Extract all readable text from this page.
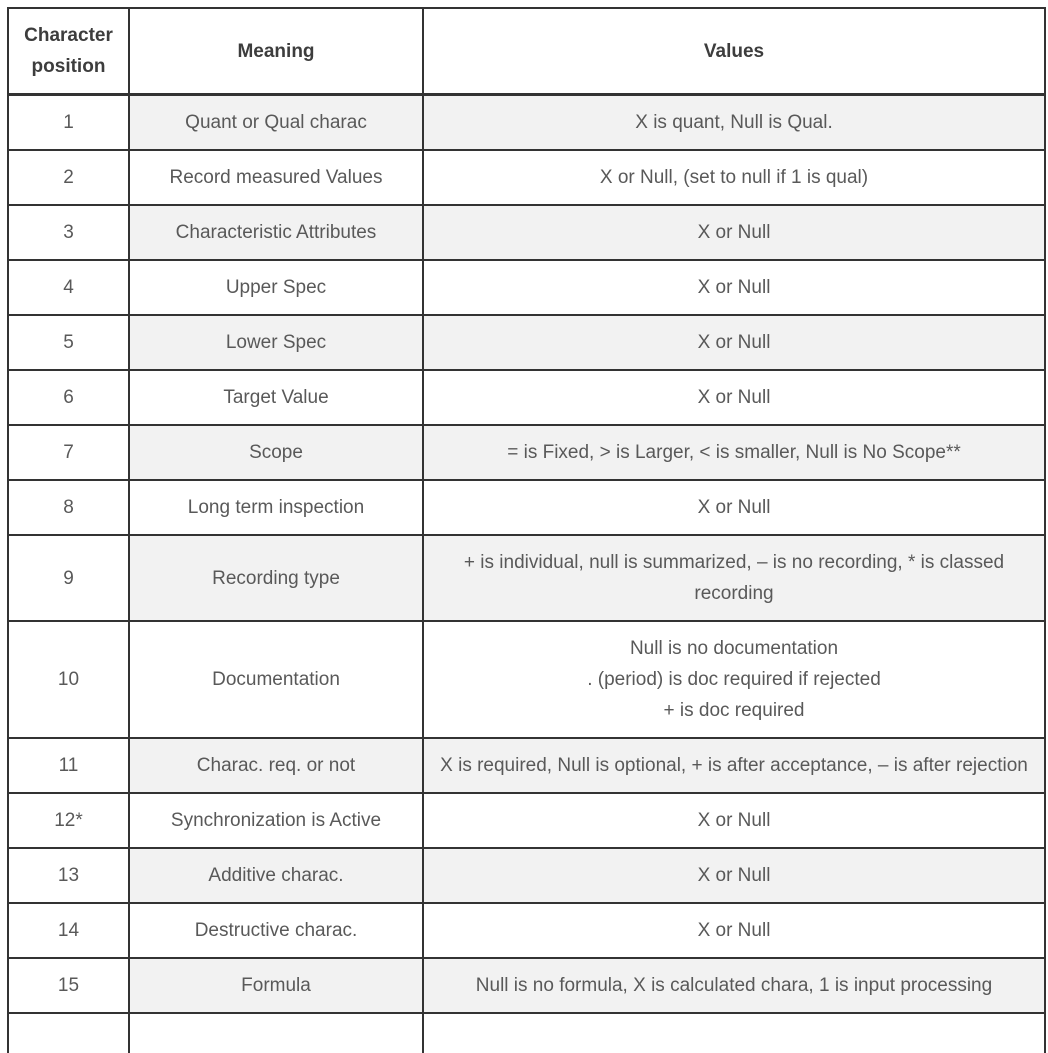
Character position	Meaning	Values
1	Quant or Qual charac	X is quant, Null is Qual.
2	Record measured Values	X or Null, (set to null if 1 is qual)
3	Characteristic Attributes	X or Null
4	Upper Spec	X or Null
5	Lower Spec	X or Null
6	Target Value	X or Null
7	Scope	= is Fixed, > is Larger, < is smaller, Null is No Scope**
8	Long term inspection	X or Null
9	Recording type	+ is individual, null is summarized, – is no recording, * is classed recording
10	Documentation	Null is no documentation
. (period) is doc required if rejected
+ is doc required

11	Charac. req. or not	X is required, Null is optional, + is after acceptance, – is after rejection
12*	Synchronization is Active	X or Null
13	Additive charac.	X or Null
14	Destructive charac.	X or Null
15	Formula	Null is no formula, X is calculated chara, 1 is input processing
